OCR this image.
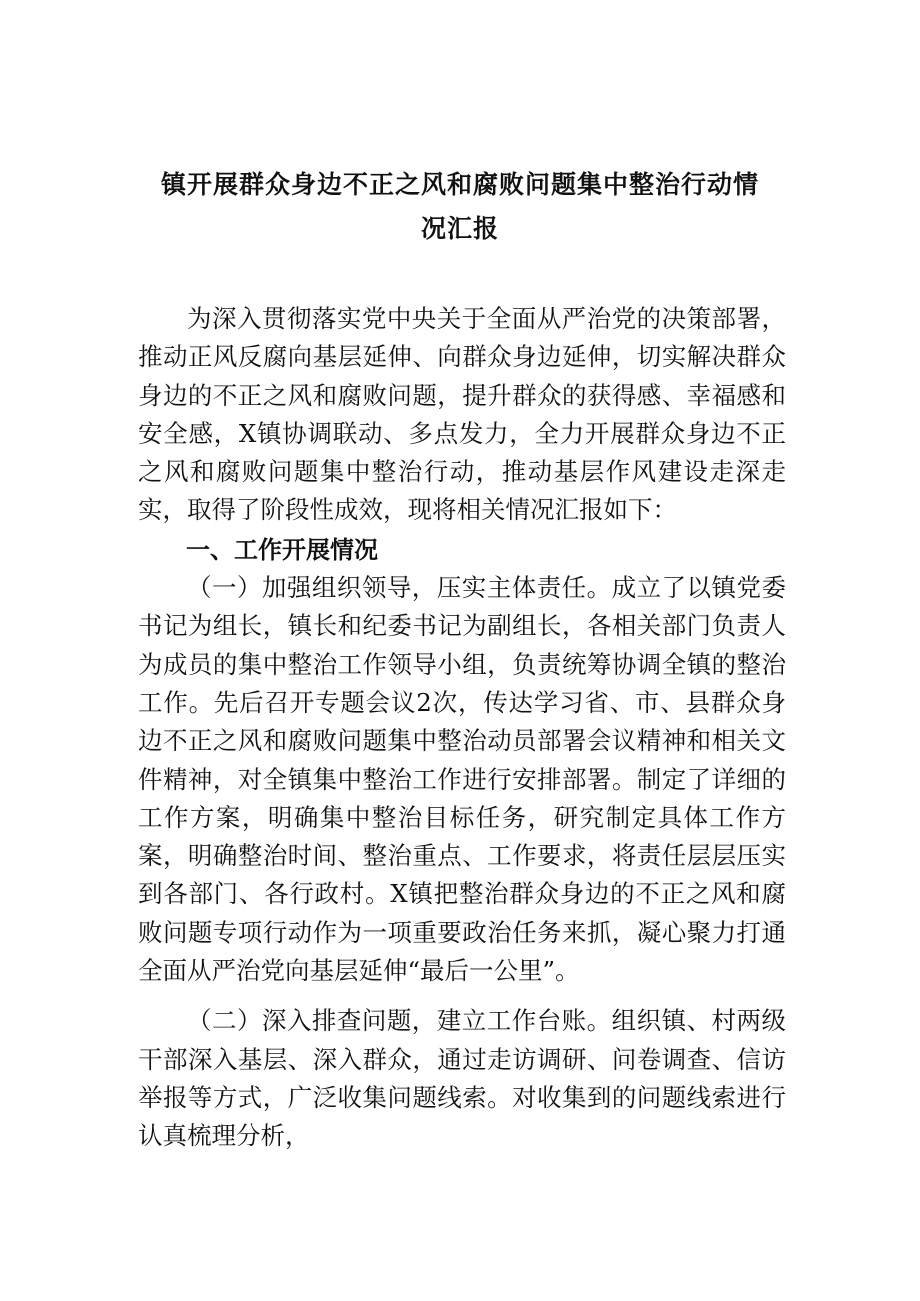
镇开展群众身边不正之风和腐败问题集中整治行动情
况汇报

为深入贯彻落实党中央关于全面从严治党的决策部署，推动正风反腐向基层延伸、向群众身边延伸，切实解决群众身边的不正之风和腐败问题，提升群众的获得感、幸福感和安全感，X镇协调联动、多点发力，全力开展群众身边不正之风和腐败问题集中整治行动，推动基层作风建设走深走实，取得了阶段性成效，现将相关情况汇报如下：

一、工作开展情况

（一）加强组织领导，压实主体责任。成立了以镇党委书记为组长，镇长和纪委书记为副组长，各相关部门负责人为成员的集中整治工作领导小组，负责统筹协调全镇的整治工作。先后召开专题会议2次，传达学习省、市、县群众身边不正之风和腐败问题集中整治动员部署会议精神和相关文件精神，对全镇集中整治工作进行安排部署。制定了详细的工作方案，明确集中整治目标任务，研究制定具体工作方案，明确整治时间、整治重点、工作要求，将责任层层压实到各部门、各行政村。X镇把整治群众身边的不正之风和腐败问题专项行动作为一项重要政治任务来抓，凝心聚力打通全面从严治党向基层延伸“最后一公里”。

（二）深入排查问题，建立工作台账。组织镇、村两级干部深入基层、深入群众，通过走访调研、问卷调查、信访举报等方式，广泛收集问题线索。对收集到的问题线索进行认真梳理分析，
